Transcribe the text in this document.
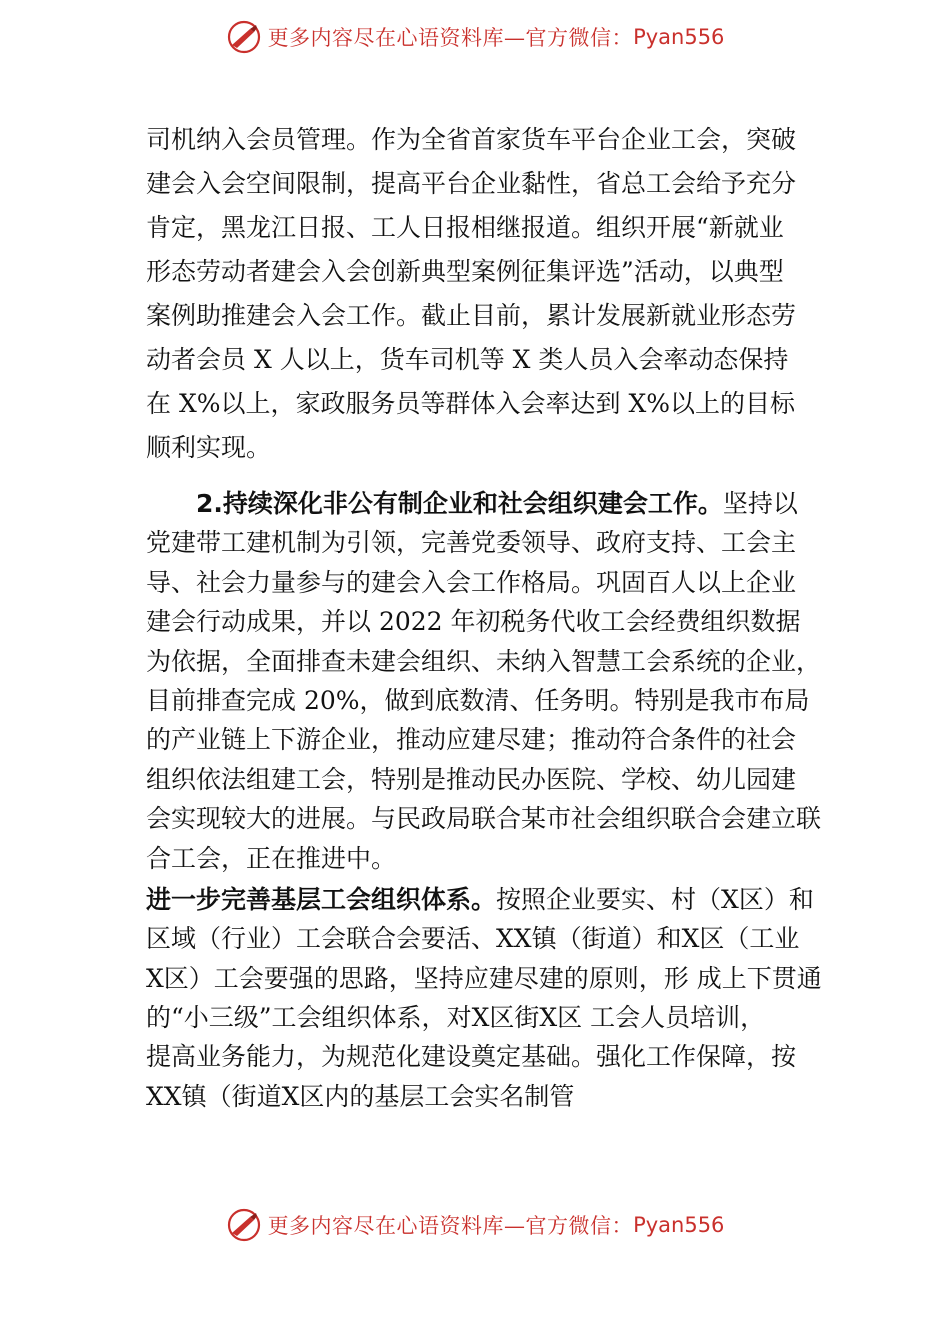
更多内容尽在心语资料库—官方微信： Pyan556
司机纳入会员管理。作为全省首家货车平台企业工会，突破
建会入会空间限制，提高平台企业黏性，省总工会给予充分
肯定，黑龙江日报、工人日报相继报道。组织开展“新就业
形态劳动者建会入会创新典型案例征集评选”活动，以典型
案例助推建会入会工作。截止目前，累计发展新就业形态劳
动者会员 X 人以上，货车司机等 X 类人员入会率动态保持
在 X%以上，家政服务员等群体入会率达到 X%以上的目标
顺利实现。
2.持续深化非公有制企业和社会组织建会工作。坚持以
党建带工建机制为引领，完善党委领导、政府支持、工会主
导、社会力量参与的建会入会工作格局。巩固百人以上企业
建会行动成果，并以 2022 年初税务代收工会经费组织数据
为依据，全面排查未建会组织、未纳入智慧工会系统的企业，
目前排查完成 20%，做到底数清、任务明。特别是我市布局
的产业链上下游企业，推动应建尽建；推动符合条件的社会
组织依法组建工会，特别是推动民办医院、学校、幼儿园建
会实现较大的进展。与民政局联合某市社会组织联合会建立联
合工会，正在推进中。
进一步完善基层工会组织体系。按照企业要实、村（X区）和
区域（行业）工会联合会要活、XX镇（街道）和X区（工业
X区）工会要强的思路，坚持应建尽建的原则，形 成上下贯通
的“小三级”工会组织体系，对X区街X区 工会人员培训，
提高业务能力，为规范化建设奠定基础。强化工作保障，按
XX镇（街道X区内的基层工会实名制管
更多内容尽在心语资料库—官方微信： Pyan556
